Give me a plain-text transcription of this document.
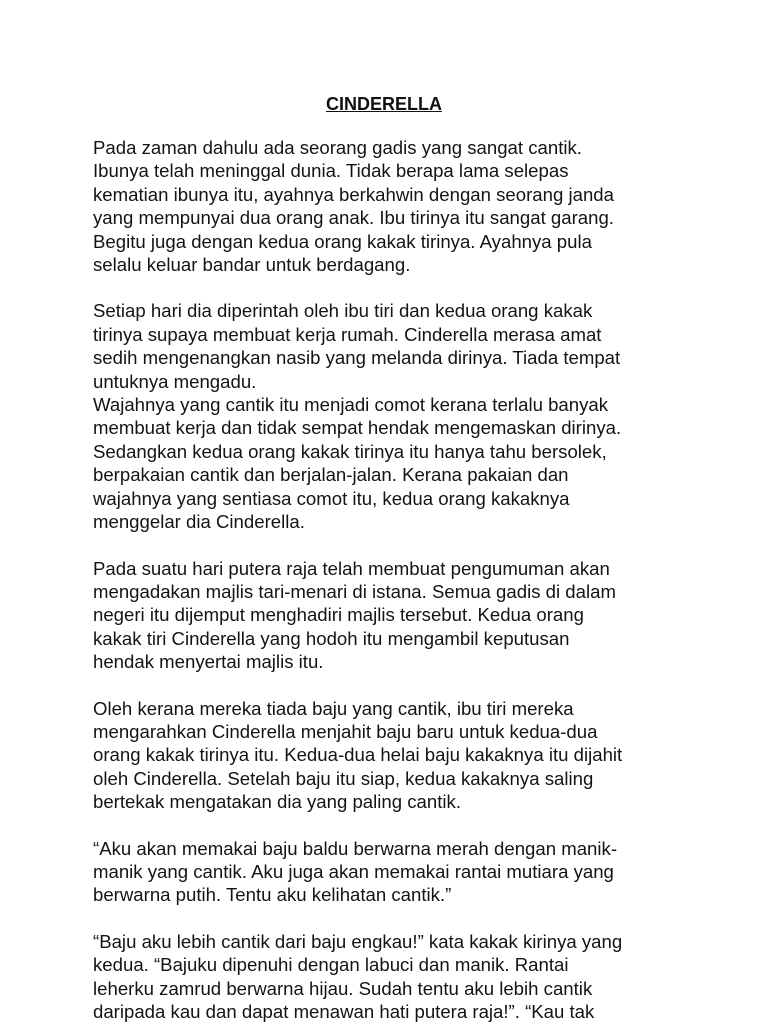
CINDERELLA

Pada zaman dahulu ada seorang gadis yang sangat cantik.
Ibunya telah meninggal dunia. Tidak berapa lama selepas
kematian ibunya itu, ayahnya berkahwin dengan seorang janda
yang mempunyai dua orang anak. Ibu tirinya itu sangat garang.
Begitu juga dengan kedua orang kakak tirinya. Ayahnya pula
selalu keluar bandar untuk berdagang.

Setiap hari dia diperintah oleh ibu tiri dan kedua orang kakak
tirinya supaya membuat kerja rumah. Cinderella merasa amat
sedih mengenangkan nasib yang melanda dirinya. Tiada tempat
untuknya mengadu.

Wajahnya yang cantik itu menjadi comot kerana terlalu banyak
membuat kerja dan tidak sempat hendak mengemaskan dirinya.
Sedangkan kedua orang kakak tirinya itu hanya tahu bersolek,
berpakaian cantik dan berjalan-jalan. Kerana pakaian dan
wajahnya yang sentiasa comot itu, kedua orang kakaknya
menggelar dia Cinderella.

Pada suatu hari putera raja telah membuat pengumuman akan
mengadakan majlis tari-menari di istana. Semua gadis di dalam
negeri itu dijemput menghadiri majlis tersebut. Kedua orang
kakak tiri Cinderella yang hodoh itu mengambil keputusan
hendak menyertai majlis itu.

Oleh kerana mereka tiada baju yang cantik, ibu tiri mereka
mengarahkan Cinderella menjahit baju baru untuk kedua-dua
orang kakak tirinya itu. Kedua-dua helai baju kakaknya itu dijahit
oleh Cinderella. Setelah baju itu siap, kedua kakaknya saling
bertekak mengatakan dia yang paling cantik.

“Aku akan memakai baju baldu berwarna merah dengan manik-
manik yang cantik. Aku juga akan memakai rantai mutiara yang
berwarna putih. Tentu aku kelihatan cantik.”

“Baju aku lebih cantik dari baju engkau!” kata kakak kirinya yang
kedua. “Bajuku dipenuhi dengan labuci dan manik. Rantai
leherku zamrud berwarna hijau. Sudah tentu aku lebih cantik
daripada kau dan dapat menawan hati putera raja!”. “Kau tak
